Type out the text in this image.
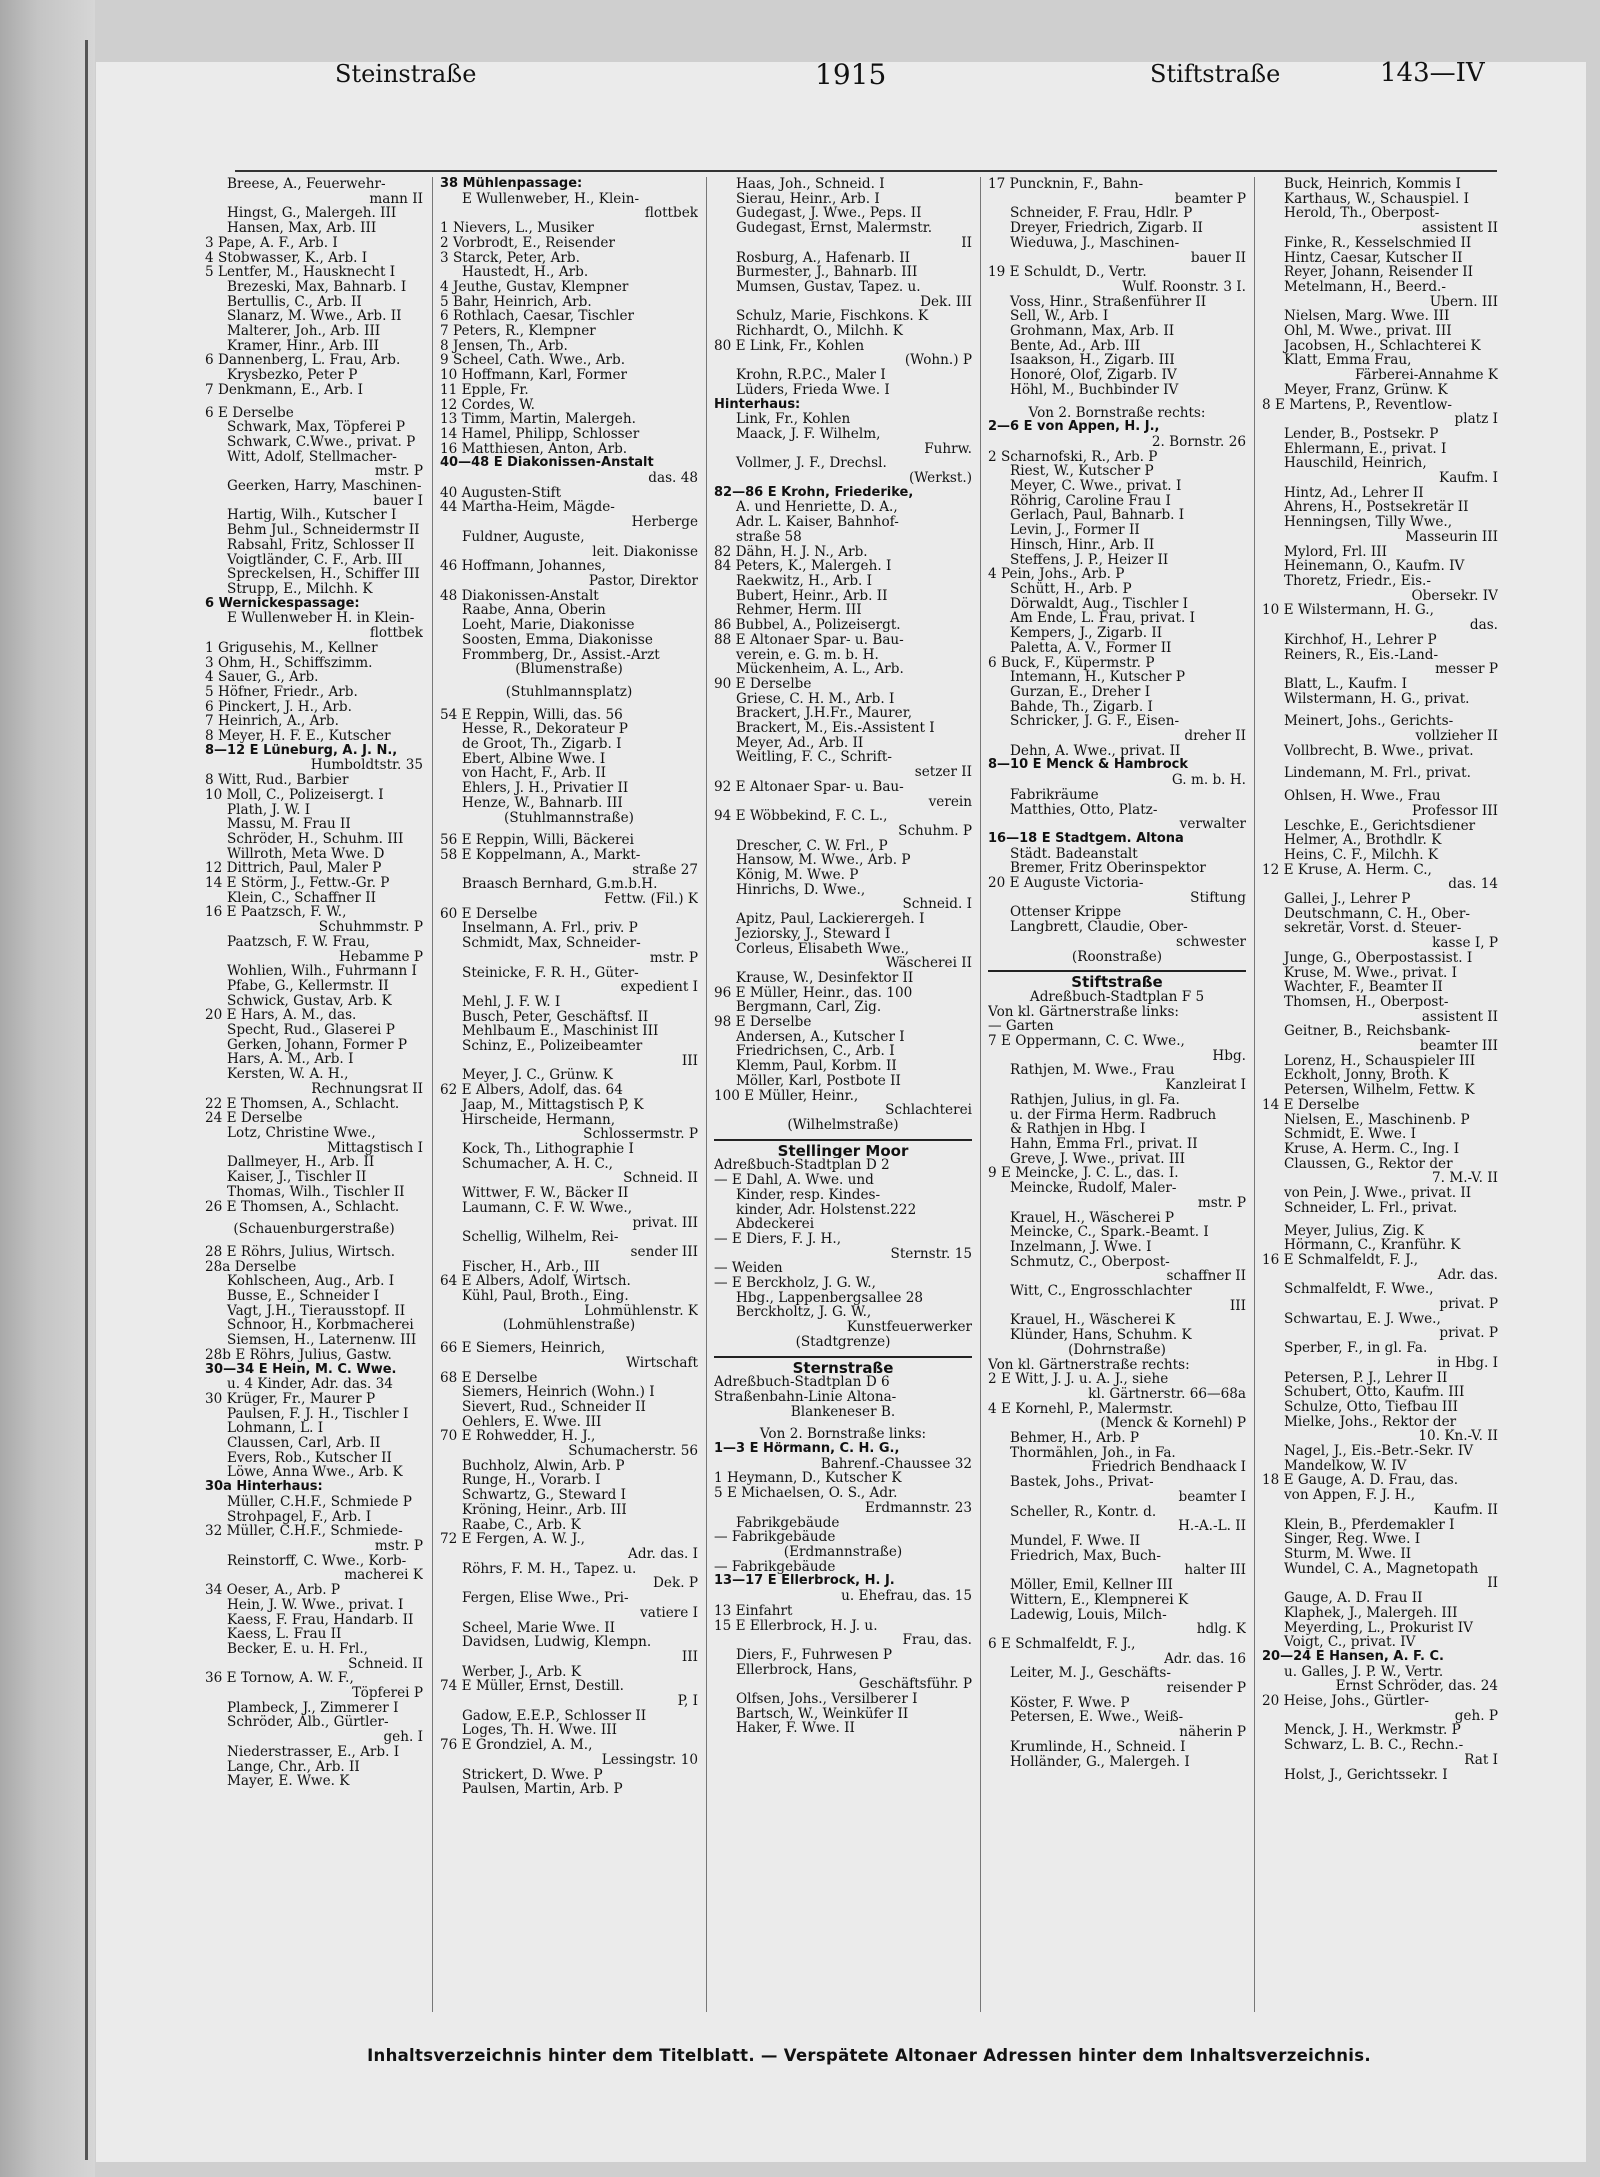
Steinstraße	1915	Stiftstraße	143—IV

Breese, A., Feuerwehr-

mann II

Hingst, G., Malergeh. III

Hansen, Max, Arb. III

3 Pape, A. F., Arb. I

4 Stobwasser, K., Arb. I

5 Lentfer, M., Hausknecht I

Brezeski, Max, Bahnarb. I

Bertullis, C., Arb. II

Slanarz, M. Wwe., Arb. II

Malterer, Joh., Arb. III

Kramer, Hinr., Arb. III

6 Dannenberg, L. Frau, Arb.

Krysbezko, Peter P

7 Denkmann, E., Arb. I

6 E Derselbe

Schwark, Max, Töpferei P

Schwark, C.Wwe., privat. P

Witt, Adolf, Stellmacher-

mstr. P

Geerken, Harry, Maschinen-

bauer I

Hartig, Wilh., Kutscher I

Behm Jul., Schneidermstr II

Rabsahl, Fritz, Schlosser II

Voigtländer, C. F., Arb. III

Spreckelsen, H., Schiffer III

Strupp, E., Milchh. K

6 Wernickespassage:

E Wullenweber H. in Klein-

flottbek

1 Grigusehis, M., Kellner

3 Ohm, H., Schiffszimm.

4 Sauer, G., Arb.

5 Höfner, Friedr., Arb.

6 Pinckert, J. H., Arb.

7 Heinrich, A., Arb.

8 Meyer, H. F. E., Kutscher

8—12 E Lüneburg, A. J. N.,

Humboldtstr. 35

8 Witt, Rud., Barbier

10 Moll, C., Polizeisergt. I

Plath, J. W. I

Massu, M. Frau II

Schröder, H., Schuhm. III

Willroth, Meta Wwe. D

12 Dittrich, Paul, Maler P

14 E Störm, J., Fettw.-Gr. P

Klein, C., Schaffner II

16 E Paatzsch, F. W.,

Schuhmmstr. P

Paatzsch, F. W. Frau,

Hebamme P

Wohlien, Wilh., Fuhrmann I

Pfabe, G., Kellermstr. II

Schwick, Gustav, Arb. K

20 E Hars, A. M., das.

Specht, Rud., Glaserei P

Gerken, Johann, Former P

Hars, A. M., Arb. I

Kersten, W. A. H.,

Rechnungsrat II

22 E Thomsen, A., Schlacht.

24 E Derselbe

Lotz, Christine Wwe.,

Mittagstisch I

Dallmeyer, H., Arb. II

Kaiser, J., Tischler II

Thomas, Wilh., Tischler II

26 E Thomsen, A., Schlacht.

(Schauenburgerstraße)

28 E Röhrs, Julius, Wirtsch.

28a Derselbe

Kohlscheen, Aug., Arb. I

Busse, E., Schneider I

Vagt, J.H., Tierausstopf. II

Schnoor, H., Korbmacherei

Siemsen, H., Laternenw. III

28b E Röhrs, Julius, Gastw.

30—34 E Hein, M. C. Wwe.

u. 4 Kinder, Adr. das. 34

30 Krüger, Fr., Maurer P

Paulsen, F. J. H., Tischler I

Lohmann, L. I

Claussen, Carl, Arb. II

Evers, Rob., Kutscher II

Löwe, Anna Wwe., Arb. K

30a Hinterhaus:

Müller, C.H.F., Schmiede P

Strohpagel, F., Arb. I

32 Müller, C.H.F., Schmiede-

mstr. P

Reinstorff, C. Wwe., Korb-

macherei K

34 Oeser, A., Arb. P

Hein, J. W. Wwe., privat. I

Kaess, F. Frau, Handarb. II

Kaess, L. Frau II

Becker, E. u. H. Frl.,

Schneid. II

36 E Tornow, A. W. F.,

Töpferei P

Plambeck, J., Zimmerer I

Schröder, Alb., Gürtler-

geh. I

Niederstrasser, E., Arb. I

Lange, Chr., Arb. II

Mayer, E. Wwe. K

38 Mühlenpassage:

E Wullenweber, H., Klein-

flottbek

1 Nievers, L., Musiker

2 Vorbrodt, E., Reisender

3 Starck, Peter, Arb.

Haustedt, H., Arb.

4 Jeuthe, Gustav, Klempner

5 Bahr, Heinrich, Arb.

6 Rothlach, Caesar, Tischler

7 Peters, R., Klempner

8 Jensen, Th., Arb.

9 Scheel, Cath. Wwe., Arb.

10 Hoffmann, Karl, Former

11 Epple, Fr.

12 Cordes, W.

13 Timm, Martin, Malergeh.

14 Hamel, Philipp, Schlosser

16 Matthiesen, Anton, Arb.

40—48 E Diakonissen-Anstalt

das. 48

40 Augusten-Stift

44 Martha-Heim, Mägde-

Herberge

Fuldner, Auguste,

leit. Diakonisse

46 Hoffmann, Johannes,

Pastor, Direktor

48 Diakonissen-Anstalt

Raabe, Anna, Oberin

Loeht, Marie, Diakonisse

Soosten, Emma, Diakonisse

Frommberg, Dr., Assist.-Arzt

(Blumenstraße)

(Stuhlmannsplatz)

54 E Reppin, Willi, das. 56

Hesse, R., Dekorateur P

de Groot, Th., Zigarb. I

Ebert, Albine Wwe. I

von Hacht, F., Arb. II

Ehlers, J. H., Privatier II

Henze, W., Bahnarb. III

(Stuhlmannstraße)

56 E Reppin, Willi, Bäckerei

58 E Koppelmann, A., Markt-

straße 27

Braasch Bernhard, G.m.b.H.

Fettw. (Fil.) K

60 E Derselbe

Inselmann, A. Frl., priv. P

Schmidt, Max, Schneider-

mstr. P

Steinicke, F. R. H., Güter-

expedient I

Mehl, J. F. W. I

Busch, Peter, Geschäftsf. II

Mehlbaum E., Maschinist III

Schinz, E., Polizeibeamter

III

Meyer, J. C., Grünw. K

62 E Albers, Adolf, das. 64

Jaap, M., Mittagstisch P, K

Hirscheide, Hermann,

Schlossermstr. P

Kock, Th., Lithographie I

Schumacher, A. H. C.,

Schneid. II

Wittwer, F. W., Bäcker II

Laumann, C. F. W. Wwe.,

privat. III

Schellig, Wilhelm, Rei-

sender III

Fischer, H., Arb., III

64 E Albers, Adolf, Wirtsch.

Kühl, Paul, Broth., Eing.

Lohmühlenstr. K

(Lohmühlenstraße)

66 E Siemers, Heinrich,

Wirtschaft

68 E Derselbe

Siemers, Heinrich (Wohn.) I

Sievert, Rud., Schneider II

Oehlers, E. Wwe. III

70 E Rohwedder, H. J.,

Schumacherstr. 56

Buchholz, Alwin, Arb. P

Runge, H., Vorarb. I

Schwartz, G., Steward I

Kröning, Heinr., Arb. III

Raabe, C., Arb. K

72 E Fergen, A. W. J.,

Adr. das. I

Röhrs, F. M. H., Tapez. u.

Dek. P

Fergen, Elise Wwe., Pri-

vatiere I

Scheel, Marie Wwe. II

Davidsen, Ludwig, Klempn.

III

Werber, J., Arb. K

74 E Müller, Ernst, Destill.

P, I

Gadow, E.E.P., Schlosser II

Loges, Th. H. Wwe. III

76 E Grondziel, A. M.,

Lessingstr. 10

Strickert, D. Wwe. P

Paulsen, Martin, Arb. P

Haas, Joh., Schneid. I

Sierau, Heinr., Arb. I

Gudegast, J. Wwe., Peps. II

Gudegast, Ernst, Malermstr.

II

Rosburg, A., Hafenarb. II

Burmester, J., Bahnarb. III

Mumsen, Gustav, Tapez. u.

Dek. III

Schulz, Marie, Fischkons. K

Richhardt, O., Milchh. K

80 E Link, Fr., Kohlen

(Wohn.) P

Krohn, R.P.C., Maler I

Lüders, Frieda Wwe. I

Hinterhaus:

Link, Fr., Kohlen

Maack, J. F. Wilhelm,

Fuhrw.

Vollmer, J. F., Drechsl.

(Werkst.)

82—86 E Krohn, Friederike,

A. und Henriette, D. A.,

Adr. L. Kaiser, Bahnhof-

straße 58

82 Dähn, H. J. N., Arb.

84 Peters, K., Malergeh. I

Raekwitz, H., Arb. I

Bubert, Heinr., Arb. II

Rehmer, Herm. III

86 Bubbel, A., Polizeisergt.

88 E Altonaer Spar- u. Bau-

verein, e. G. m. b. H.

Mückenheim, A. L., Arb.

90 E Derselbe

Griese, C. H. M., Arb. I

Brackert, J.H.Fr., Maurer,

Brackert, M., Eis.-Assistent I

Meyer, Ad., Arb. II

Weitling, F. C., Schrift-

setzer II

92 E Altonaer Spar- u. Bau-

verein

94 E Wöbbekind, F. C. L.,

Schuhm. P

Drescher, C. W. Frl., P

Hansow, M. Wwe., Arb. P

König, M. Wwe. P

Hinrichs, D. Wwe.,

Schneid. I

Apitz, Paul, Lackierergeh. I

Jeziorsky, J., Steward I

Corleus, Elisabeth Wwe.,

Wäscherei II

Krause, W., Desinfektor II

96 E Müller, Heinr., das. 100

Bergmann, Carl, Zig.

98 E Derselbe

Andersen, A., Kutscher I

Friedrichsen, C., Arb. I

Klemm, Paul, Korbm. II

Möller, Karl, Postbote II

100 E Müller, Heinr.,

Schlachterei

(Wilhelmstraße)

Stellinger Moor

Adreßbuch-Stadtplan D 2

— E Dahl, A. Wwe. und

Kinder, resp. Kindes-

kinder, Adr. Holstenst.222

Abdeckerei

— E Diers, F. J. H.,

Sternstr. 15

— Weiden

— E Berckholz, J. G. W.,

Hbg., Lappenbergsallee 28

Berckholtz, J. G. W.,

Kunstfeuerwerker

(Stadtgrenze)

Sternstraße

Adreßbuch-Stadtplan D 6

Straßenbahn-Linie Altona-

Blankeneser B.

Von 2. Bornstraße links:

1—3 E Hörmann, C. H. G.,

Bahrenf.-Chaussee 32

1 Heymann, D., Kutscher K

5 E Michaelsen, O. S., Adr.

Erdmannstr. 23

Fabrikgebäude

— Fabrikgebäude

(Erdmannstraße)

— Fabrikgebäude

13—17 E Ellerbrock, H. J.

u. Ehefrau, das. 15

13 Einfahrt

15 E Ellerbrock, H. J. u.

Frau, das.

Diers, F., Fuhrwesen P

Ellerbrock, Hans,

Geschäftsführ. P

Olfsen, Johs., Versilberer I

Bartsch, W., Weinküfer II

Haker, F. Wwe. II

17 Puncknin, F., Bahn-

beamter P

Schneider, F. Frau, Hdlr. P

Dreyer, Friedrich, Zigarb. II

Wieduwa, J., Maschinen-

bauer II

19 E Schuldt, D., Vertr.

Wulf. Roonstr. 3 I.

Voss, Hinr., Straßenführer II

Sell, W., Arb. I

Grohmann, Max, Arb. II

Bente, Ad., Arb. III

Isaakson, H., Zigarb. III

Honoré, Olof, Zigarb. IV

Höhl, M., Buchbinder IV

Von 2. Bornstraße rechts:

2—6 E von Appen, H. J.,

2. Bornstr. 26

2 Scharnofski, R., Arb. P

Riest, W., Kutscher P

Meyer, C. Wwe., privat. I

Röhrig, Caroline Frau I

Gerlach, Paul, Bahnarb. I

Levin, J., Former II

Hinsch, Hinr., Arb. II

Steffens, J. P., Heizer II

4 Pein, Johs., Arb. P

Schütt, H., Arb. P

Dörwaldt, Aug., Tischler I

Am Ende, L. Frau, privat. I

Kempers, J., Zigarb. II

Paletta, A. V., Former II

6 Buck, F., Küpermstr. P

Intemann, H., Kutscher P

Gurzan, E., Dreher I

Bahde, Th., Zigarb. I

Schricker, J. G. F., Eisen-

dreher II

Dehn, A. Wwe., privat. II

8—10 E Menck & Hambrock

G. m. b. H.

Fabrikräume

Matthies, Otto, Platz-

verwalter

16—18 E Stadtgem. Altona

Städt. Badeanstalt

Bremer, Fritz Oberinspektor

20 E Auguste Victoria-

Stiftung

Ottenser Krippe

Langbrett, Claudie, Ober-

schwester

(Roonstraße)

Stiftstraße

Adreßbuch-Stadtplan F 5

Von kl. Gärtnerstraße links:

— Garten

7 E Oppermann, C. C. Wwe.,

Hbg.

Rathjen, M. Wwe., Frau

Kanzleirat I

Rathjen, Julius, in gl. Fa.

u. der Firma Herm. Radbruch

& Rathjen in Hbg. I

Hahn, Emma Frl., privat. II

Greve, J. Wwe., privat. III

9 E Meincke, J. C. L., das. I.

Meincke, Rudolf, Maler-

mstr. P

Krauel, H., Wäscherei P

Meincke, C., Spark.-Beamt. I

Inzelmann, J. Wwe. I

Schmutz, C., Oberpost-

schaffner II

Witt, C., Engrosschlachter

III

Krauel, H., Wäscherei K

Klünder, Hans, Schuhm. K

(Dohrnstraße)

Von kl. Gärtnerstraße rechts:

2 E Witt, J. J. u. A. J., siehe

kl. Gärtnerstr. 66—68a

4 E Kornehl, P., Malermstr.

(Menck & Kornehl) P

Behmer, H., Arb. P

Thormählen, Joh., in Fa.

Friedrich Bendhaack I

Bastek, Johs., Privat-

beamter I

Scheller, R., Kontr. d.

H.-A.-L. II

Mundel, F. Wwe. II

Friedrich, Max, Buch-

halter III

Möller, Emil, Kellner III

Wittern, E., Klempnerei K

Ladewig, Louis, Milch-

hdlg. K

6 E Schmalfeldt, F. J.,

Adr. das. 16

Leiter, M. J., Geschäfts-

reisender P

Köster, F. Wwe. P

Petersen, E. Wwe., Weiß-

näherin P

Krumlinde, H., Schneid. I

Holländer, G., Malergeh. I

Buck, Heinrich, Kommis I

Karthaus, W., Schauspiel. I

Herold, Th., Oberpost-

assistent II

Finke, R., Kesselschmied II

Hintz, Caesar, Kutscher II

Reyer, Johann, Reisender II

Metelmann, H., Beerd.-

Übern. III

Nielsen, Marg. Wwe. III

Ohl, M. Wwe., privat. III

Jacobsen, H., Schlachterei K

Klatt, Emma Frau,

Färberei-Annahme K

Meyer, Franz, Grünw. K

8 E Martens, P., Reventlow-

platz I

Lender, B., Postsekr. P

Ehlermann, E., privat. I

Hauschild, Heinrich,

Kaufm. I

Hintz, Ad., Lehrer II

Ahrens, H., Postsekretär II

Henningsen, Tilly Wwe.,

Masseurin III

Mylord, Frl. III

Heinemann, O., Kaufm. IV

Thoretz, Friedr., Eis.-

Obersekr. IV

10 E Wilstermann, H. G.,

das.

Kirchhof, H., Lehrer P

Reiners, R., Eis.-Land-

messer P

Blatt, L., Kaufm. I

Wilstermann, H. G., privat.

Meinert, Johs., Gerichts-

vollzieher II

Vollbrecht, B. Wwe., privat.

Lindemann, M. Frl., privat.

Ohlsen, H. Wwe., Frau

Professor III

Leschke, E., Gerichtsdiener

Helmer, A., Brothdlr. K

Heins, C. F., Milchh. K

12 E Kruse, A. Herm. C.,

das. 14

Gallei, J., Lehrer P

Deutschmann, C. H., Ober-

sekretär, Vorst. d. Steuer-

kasse I, P

Junge, G., Oberpostassist. I

Kruse, M. Wwe., privat. I

Wachter, F., Beamter II

Thomsen, H., Oberpost-

assistent II

Geitner, B., Reichsbank-

beamter III

Lorenz, H., Schauspieler III

Eckholt, Jonny, Broth. K

Petersen, Wilhelm, Fettw. K

14 E Derselbe

Nielsen, E., Maschinenb. P

Schmidt, E. Wwe. I

Kruse, A. Herm. C., Ing. I

Claussen, G., Rektor der

7. M.-V. II

von Pein, J. Wwe., privat. II

Schneider, L. Frl., privat.

Meyer, Julius, Zig. K

Hörmann, C., Kranführ. K

16 E Schmalfeldt, F. J.,

Adr. das.

Schmalfeldt, F. Wwe.,

privat. P

Schwartau, E. J. Wwe.,

privat. P

Sperber, F., in gl. Fa.

in Hbg. I

Petersen, P. J., Lehrer II

Schubert, Otto, Kaufm. III

Schulze, Otto, Tiefbau III

Mielke, Johs., Rektor der

10. Kn.-V. II

Nagel, J., Eis.-Betr.-Sekr. IV

Mandelkow, W. IV

18 E Gauge, A. D. Frau, das.

von Appen, F. J. H.,

Kaufm. II

Klein, B., Pferdemakler I

Singer, Reg. Wwe. I

Sturm, M. Wwe. II

Wundel, C. A., Magnetopath

II

Gauge, A. D. Frau II

Klaphek, J., Malergeh. III

Meyerding, L., Prokurist IV

Voigt, C., privat. IV

20—24 E Hansen, A. F. C.

u. Galles, J. P. W., Vertr.

Ernst Schröder, das. 24

20 Heise, Johs., Gürtler-

geh. P

Menck, J. H., Werkmstr. P

Schwarz, L. B. C., Rechn.-

Rat I

Holst, J., Gerichtssekr. I

Inhaltsverzeichnis hinter dem Titelblatt. — Verspätete Altonaer Adressen hinter dem Inhaltsverzeichnis.
